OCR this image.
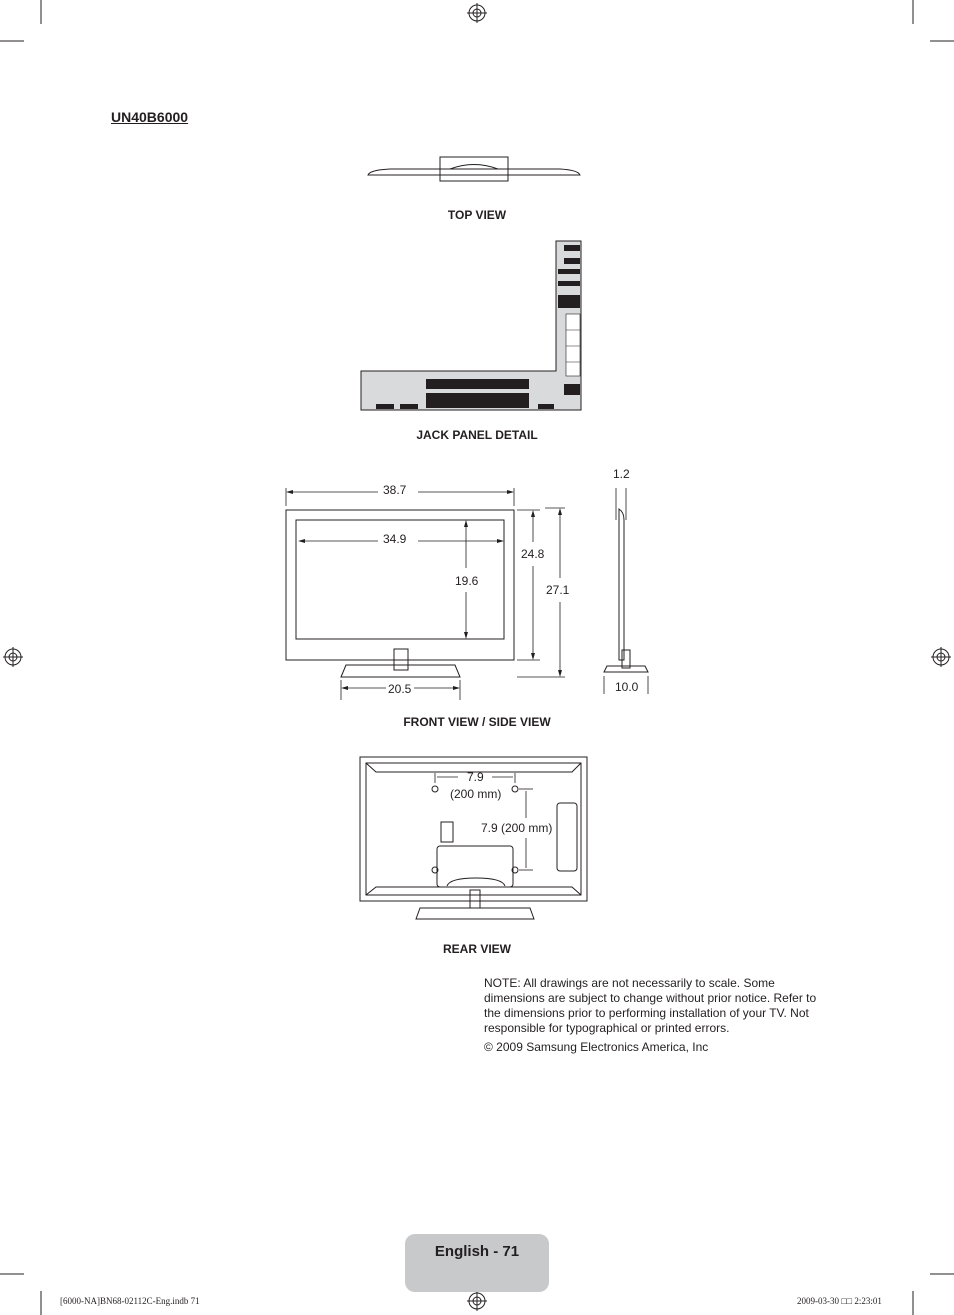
UN40B6000
TOP VIEW
JACK PANEL DETAIL
38.7
34.9
19.6
24.8
27.1
20.5
1.2
10.0
FRONT VIEW / SIDE VIEW
7.9
(200 mm)
7.9 (200 mm)
REAR VIEW
NOTE: All drawings are not necessarily to scale. Some dimensions are subject to change without prior notice. Refer to the dimensions prior to performing installation of your TV. Not responsible for typographical or printed errors.
© 2009 Samsung Electronics America, Inc
English - 71
[6000-NA]BN68-02112C-Eng.indb 71	2009-03-30 □□ 2:23:01
